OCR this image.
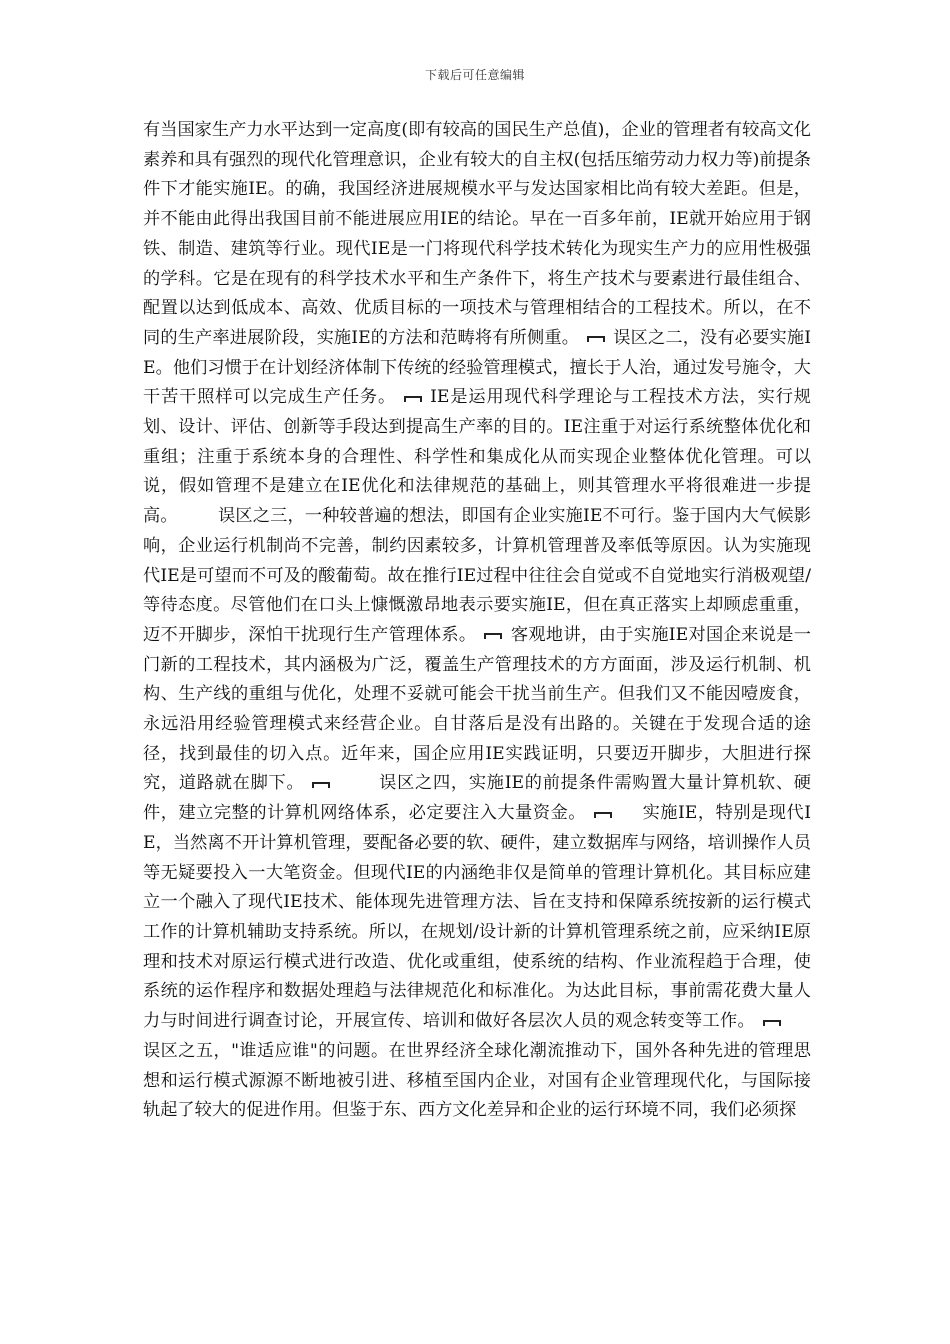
下载后可任意编辑
有当国家生产力水平达到一定高度(即有较高的国民生产总值)，企业的管理者有较高文化素养和具有强烈的现代化管理意识，企业有较大的自主权(包括压缩劳动力权力等)前提条件下才能实施IE。的确，我国经济进展规模水平与发达国家相比尚有较大差距。但是，并不能由此得出我国目前不能进展应用IE的结论。早在一百多年前，IE就开始应用于钢铁、制造、建筑等行业。现代IE是一门将现代科学技术转化为现实生产力的应用性极强的学科。它是在现有的科学技术水平和生产条件下，将生产技术与要素进行最佳组合、配置以达到低成本、高效、优质目标的一项技术与管理相结合的工程技术。所以，在不同的生产率进展阶段，实施IE的方法和范畴将有所侧重。 误区之二，没有必要实施IE。他们习惯于在计划经济体制下传统的经验管理模式，擅长于人治，通过发号施令，大干苦干照样可以完成生产任务。 IE是运用现代科学理论与工程技术方法，实行规划、设计、评估、创新等手段达到提高生产率的目的。IE注重于对运行系统整体优化和重组；注重于系统本身的合理性、科学性和集成化从而实现企业整体优化管理。可以说，假如管理不是建立在IE优化和法律规范的基础上，则其管理水平将很难进一步提高。 误区之三，一种较普遍的想法，即国有企业实施IE不可行。鉴于国内大气候影响，企业运行机制尚不完善，制约因素较多，计算机管理普及率低等原因。认为实施现代IE是可望而不可及的酸葡萄。故在推行IE过程中往往会自觉或不自觉地实行消极观望/等待态度。尽管他们在口头上慷慨激昂地表示要实施IE，但在真正落实上却顾虑重重，迈不开脚步，深怕干扰现行生产管理体系。 客观地讲，由于实施IE对国企来说是一门新的工程技术，其内涵极为广泛，覆盖生产管理技术的方方面面，涉及运行机制、机构、生产线的重组与优化，处理不妥就可能会干扰当前生产。但我们又不能因噎废食，永远沿用经验管理模式来经营企业。自甘落后是没有出路的。关键在于发现合适的途径，找到最佳的切入点。近年来，国企应用IE实践证明，只要迈开脚步，大胆进行探究，道路就在脚下。	误区之四，实施IE的前提条件需购置大量计算机软、硬件，建立完整的计算机网络体系，必定要注入大量资金。	实施IE，特别是现代IE，当然离不开计算机管理，要配备必要的软、硬件，建立数据库与网络，培训操作人员等无疑要投入一大笔资金。但现代IE的内涵绝非仅是简单的管理计算机化。其目标应建立一个融入了现代IE技术、能体现先进管理方法、旨在支持和保障系统按新的运行模式工作的计算机辅助支持系统。所以，在规划/设计新的计算机管理系统之前，应采纳IE原理和技术对原运行模式进行改造、优化或重组，使系统的结构、作业流程趋于合理，使系统的运作程序和数据处理趋与法律规范化和标准化。为达此目标，事前需花费大量人力与时间进行调查讨论，开展宣传、培训和做好各层次人员的观念转变等工作。误区之五，"谁适应谁"的问题。在世界经济全球化潮流推动下，国外各种先进的管理思想和运行模式源源不断地被引进、移植至国内企业，对国有企业管理现代化，与国际接轨起了较大的促进作用。但鉴于东、西方文化差异和企业的运行环境不同，我们必须探
